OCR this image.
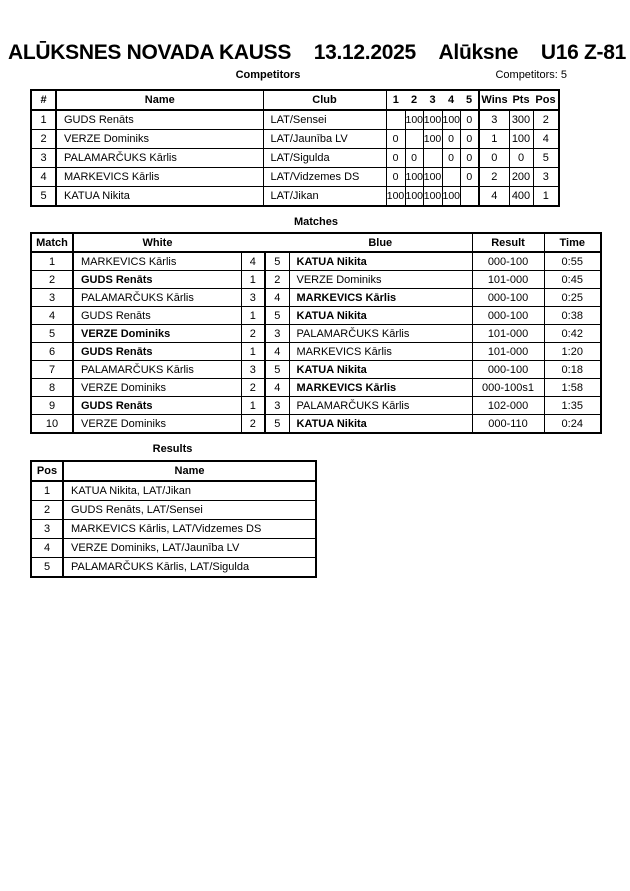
ALŪKSNES NOVADA KAUSS 13.12.2025 Alūksne U16 Z-81
Competitors	Competitors: 5
#	Name	Club	1	2	3	4	5	Wins	Pts	Pos
1	GUDS Renāts	LAT/Sensei		100	100	100	0	3	300	2
2	VERZE Dominiks	LAT/Jaunība LV	0		100	0	0	1	100	4
3	PALAMARČUKS Kārlis	LAT/Sigulda	0	0		0	0	0	0	5
4	MARKEVICS Kārlis	LAT/Vidzemes DS	0	100	100		0	2	200	3
5	KATUA Nikita	LAT/Jikan	100	100	100	100		4	400	1
Matches
Match	White			Blue	Result	Time
1	MARKEVICS Kārlis	4	5	KATUA Nikita	000-100	0:55
2	GUDS Renāts	1	2	VERZE Dominiks	101-000	0:45
3	PALAMARČUKS Kārlis	3	4	MARKEVICS Kārlis	000-100	0:25
4	GUDS Renāts	1	5	KATUA Nikita	000-100	0:38
5	VERZE Dominiks	2	3	PALAMARČUKS Kārlis	101-000	0:42
6	GUDS Renāts	1	4	MARKEVICS Kārlis	101-000	1:20
7	PALAMARČUKS Kārlis	3	5	KATUA Nikita	000-100	0:18
8	VERZE Dominiks	2	4	MARKEVICS Kārlis	000-100s1	1:58
9	GUDS Renāts	1	3	PALAMARČUKS Kārlis	102-000	1:35
10	VERZE Dominiks	2	5	KATUA Nikita	000-110	0:24
Results
Pos	Name
1	KATUA Nikita, LAT/Jikan
2	GUDS Renāts, LAT/Sensei
3	MARKEVICS Kārlis, LAT/Vidzemes DS
4	VERZE Dominiks, LAT/Jaunība LV
5	PALAMARČUKS Kārlis, LAT/Sigulda
